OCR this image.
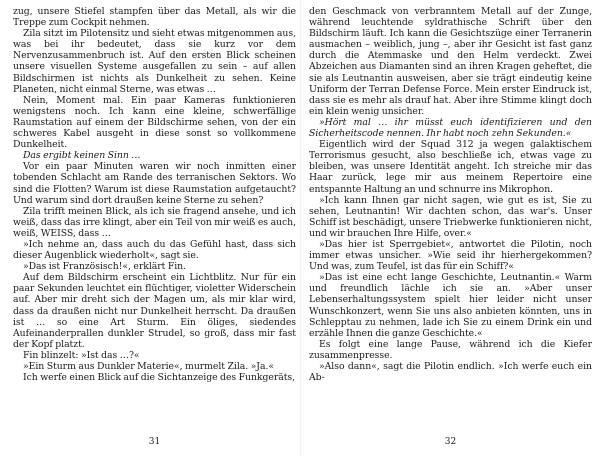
zug, unsere Stiefel stampfen über das Metall, als wir die Treppe zum Cockpit nehmen.

Zila sitzt im Pilotensitz und sieht etwas mitgenommen aus, was bei ihr bedeutet, dass sie kurz vor dem Nervenzusammenbruch ist. Auf den ersten Blick scheinen unsere visuellen Systeme ausgefallen zu sein – auf allen Bildschirmen ist nichts als Dunkelheit zu sehen. Keine Planeten, nicht einmal Sterne, was etwas …

Nein, Moment mal. Ein paar Kameras funktionieren wenigstens noch. Ich kann eine kleine, schwerfällige Raumstation auf einem der Bildschirme sehen, von der ein schweres Kabel ausgeht in diese sonst so vollkommene Dunkelheit.

Das ergibt keinen Sinn …

Vor ein paar Minuten waren wir noch inmitten einer tobenden Schlacht am Rande des terranischen Sektors. Wo sind die Flotten? Warum ist diese Raumstation aufgetaucht? Und warum sind dort draußen keine Sterne zu sehen?

Zila trifft meinen Blick, als ich sie fragend ansehe, und ich weiß, dass das irre klingt, aber ein Teil von mir weiß es auch, weiß, WEISS, dass …

»Ich nehme an, dass auch du das Gefühl hast, dass sich dieser Augenblick wiederholt«, sagt sie.

»Das ist Französisch!«, erklärt Fin.

Auf dem Bildschirm erscheint ein Lichtblitz. Nur für ein paar Sekunden leuchtet ein flüchtiger, violetter Widerschein auf. Aber mir dreht sich der Magen um, als mir klar wird, dass da draußen nicht nur Dunkelheit herrscht. Da draußen ist … so eine Art Sturm. Ein öliges, siedendes Aufeinanderprallen dunkler Strudel, so groß, dass mir fast der Kopf platzt.

Fin blinzelt: »Ist das …?«

»Ein Sturm aus Dunkler Materie«, murmelt Zila. »Ja.«

Ich werfe einen Blick auf die Sichtanzeige des Funkgeräts,

31

den Geschmack von verbranntem Metall auf der Zunge, während leuchtende syldrathische Schrift über den Bildschirm läuft. Ich kann die Gesichtszüge einer Terranerin ausmachen – weiblich, jung –, aber ihr Gesicht ist fast ganz durch die Atemmaske und den Helm verdeckt. Zwei Abzeichen aus Diamanten sind an ihren Kragen geheftet, die sie als Leutnantin ausweisen, aber sie trägt eindeutig keine Uniform der Terran Defense Force. Mein erster Eindruck ist, dass sie es mehr als drauf hat. Aber ihre Stimme klingt doch ein klein wenig unsicher.

»Hört mal … ihr müsst euch identifizieren und den Sicherheitscode nennen. Ihr habt noch zehn Sekunden.«

Eigentlich wird der Squad 312 ja wegen galaktischem Terrorismus gesucht, also beschließe ich, etwas vage zu bleiben, was unsere Identität angeht. Ich streiche mir das Haar zurück, lege mir aus meinem Repertoire eine entspannte Haltung an und schnurre ins Mikrophon.

»Ich kann Ihnen gar nicht sagen, wie gut es ist, Sie zu sehen, Leutnantin! Wir dachten schon, das war's. Unser Schiff ist beschädigt, unsere Triebwerke funktionieren nicht, und wir brauchen Ihre Hilfe, over.«

»Das hier ist Sperrgebiet«, antwortet die Pilotin, noch immer etwas unsicher. »Wie seid ihr hierhergekommen? Und was, zum Teufel, ist das für ein Schiff?«

»Das ist eine echt lange Geschichte, Leutnantin.« Warm und freundlich lächle ich sie an. »Aber unser Lebenserhaltungssystem spielt hier leider nicht unser Wunschkonzert, wenn Sie uns also anbieten könnten, uns in Schlepptau zu nehmen, lade ich Sie zu einem Drink ein und erzähle Ihnen die ganze Geschichte.«

Es folgt eine lange Pause, während ich die Kiefer zusammenpresse.

»Also dann«, sagt die Pilotin endlich. »Ich werfe euch ein Ab-

32
